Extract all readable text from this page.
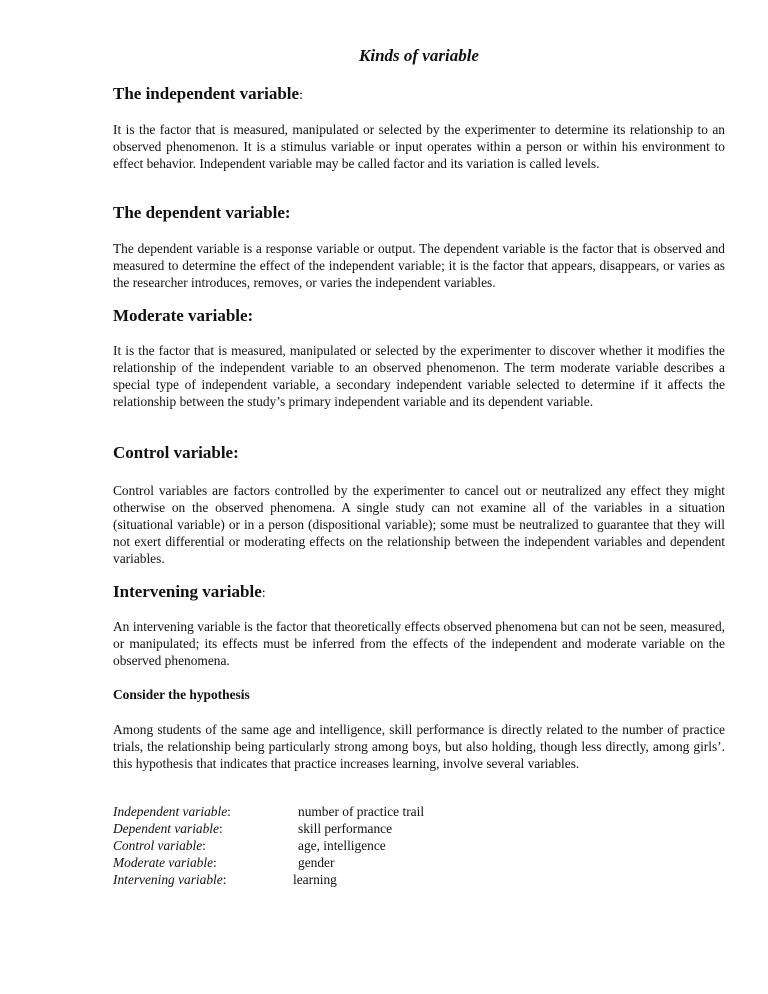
Kinds of variable
The independent variable:

It is the factor that is measured, manipulated or selected by the experimenter to determine its relationship to an observed phenomenon. It is a stimulus variable or input operates within a person or within his environment to effect behavior. Independent variable may be called factor and its variation is called levels.

The dependent variable:

The dependent variable is a response variable or output. The dependent variable is the factor that is observed and measured to determine the effect of the independent variable; it is the factor that appears, disappears, or varies as the researcher introduces, removes, or varies the independent variables.

Moderate variable:

It is the factor that is measured, manipulated or selected by the experimenter to discover whether it modifies the relationship of the independent variable to an observed phenomenon. The term moderate variable describes a special type of independent variable, a secondary independent variable selected to determine if it affects the relationship between the study’s primary independent variable and its dependent variable.

Control variable:

Control variables are factors controlled by the experimenter to cancel out or neutralized any effect they might otherwise on the observed phenomena. A single study can not examine all of the variables in a situation (situational variable) or in a person (dispositional variable); some must be neutralized to guarantee that they will not exert differential or moderating effects on the relationship between the independent variables and dependent variables.

Intervening variable:

An intervening variable is the factor that theoretically effects observed phenomena but can not be seen, measured, or manipulated; its effects must be inferred from the effects of the independent and moderate variable on the observed phenomena.

Consider the hypothesis

Among students of the same age and intelligence, skill performance is directly related to the number of practice trials, the relationship being particularly strong among boys, but also holding, though less directly, among girls’. this hypothesis that indicates that practice increases learning, involve several variables.

Independent variable:	number of practice trail
Dependent variable:	skill performance
Control variable:	age, intelligence
Moderate variable:	gender
Intervening variable:	learning
